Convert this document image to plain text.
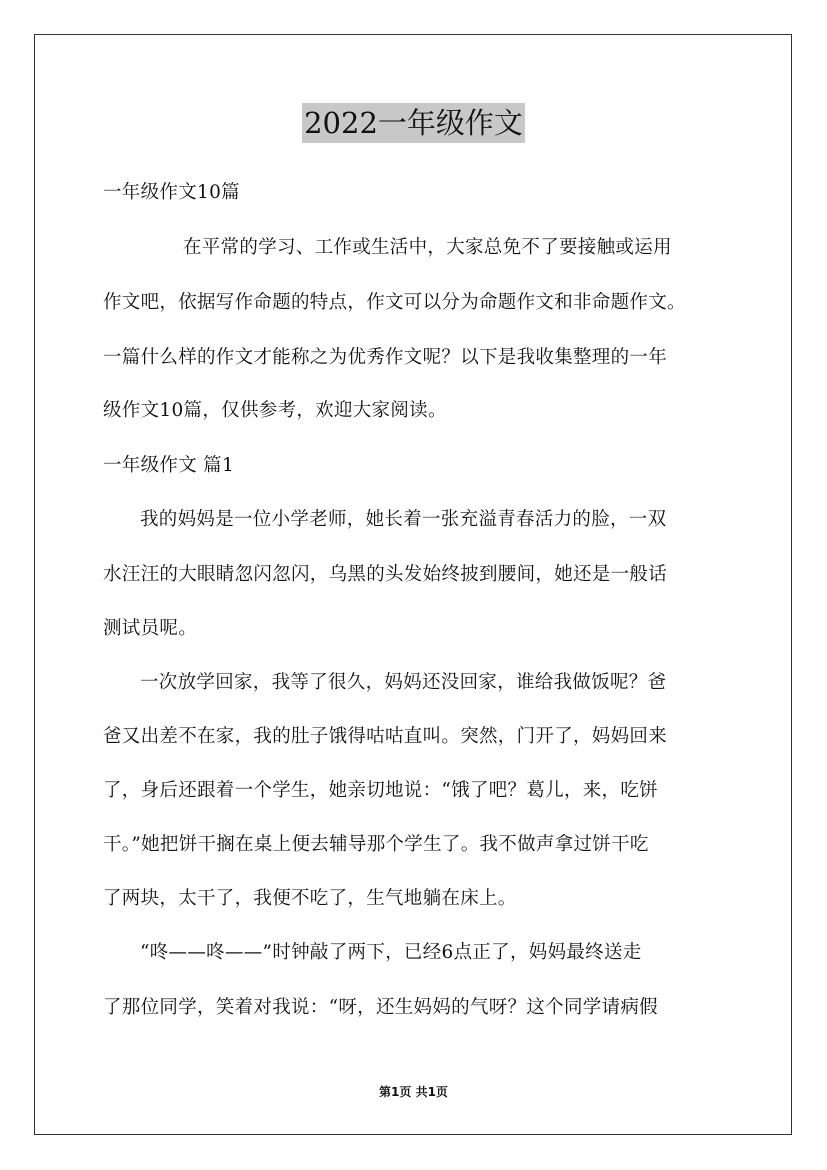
2022一年级作文
一年级作文10篇
在平常的学习、工作或生活中，大家总免不了要接触或运用
作文吧，依据写作命题的特点，作文可以分为命题作文和非命题作文。
一篇什么样的作文才能称之为优秀作文呢？以下是我收集整理的一年
级作文10篇，仅供参考，欢迎大家阅读。
一年级作文 篇1
我的妈妈是一位小学老师，她长着一张充溢青春活力的脸，一双
水汪汪的大眼睛忽闪忽闪，乌黑的头发始终披到腰间，她还是一般话
测试员呢。
一次放学回家，我等了很久，妈妈还没回家，谁给我做饭呢？爸
爸又出差不在家，我的肚子饿得咕咕直叫。突然，门开了，妈妈回来
了，身后还跟着一个学生，她亲切地说：“饿了吧？葛儿，来，吃饼
干。”她把饼干搁在桌上便去辅导那个学生了。我不做声拿过饼干吃
了两块，太干了，我便不吃了，生气地躺在床上。
“咚——咚——”时钟敲了两下，已经6点正了，妈妈最终送走
了那位同学，笑着对我说：“呀，还生妈妈的气呀？这个同学请病假
第1页 共1页
